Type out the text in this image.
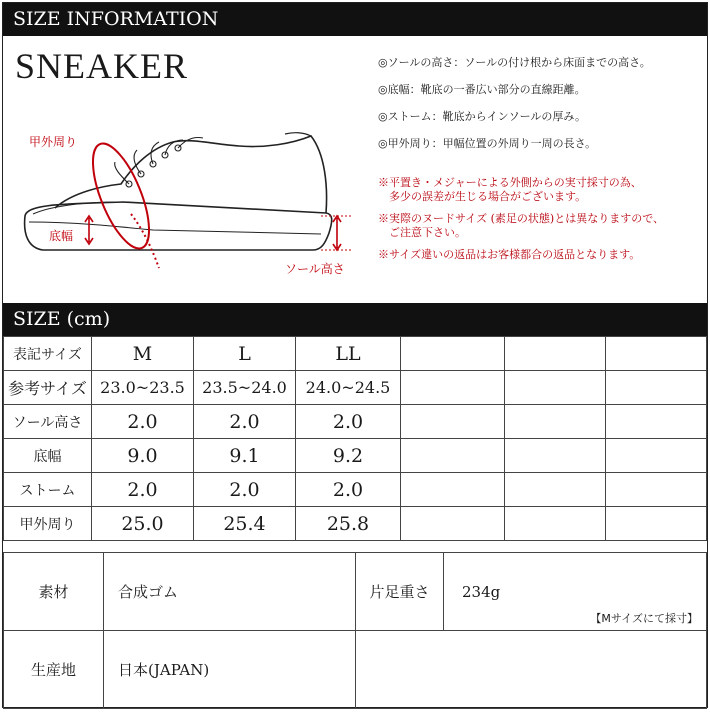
SIZE INFORMATION
SNEAKER
甲外周り
底幅
ソール高さ
◎ソールの高さ：ソールの付け根から床面までの高さ。
◎底幅：靴底の一番広い部分の直線距離。
◎ストーム：靴底からインソールの厚み。
◎甲外周り：甲幅位置の外周り一周の長さ。
※平置き・メジャーによる外側からの実寸採寸の為、
　多少の誤差が生じる場合がございます。
※実際のヌードサイズ (素足の状態)とは異なりますので、
　ご注意下さい。
※サイズ違いの返品はお客様都合の返品となります。
SIZE (cm)
表記サイズ	M	L	LL			
参考サイズ	23.0~23.5	23.5~24.0	24.0~24.5			
ソール高さ	2.0	2.0	2.0			
底幅	9.0	9.1	9.2			
ストーム	2.0	2.0	2.0			
甲外周り	25.0	25.4	25.8			
素材	合成ゴム	片足重さ	234g
【Mサイズにて採寸】

生産地	日本(JAPAN)		
